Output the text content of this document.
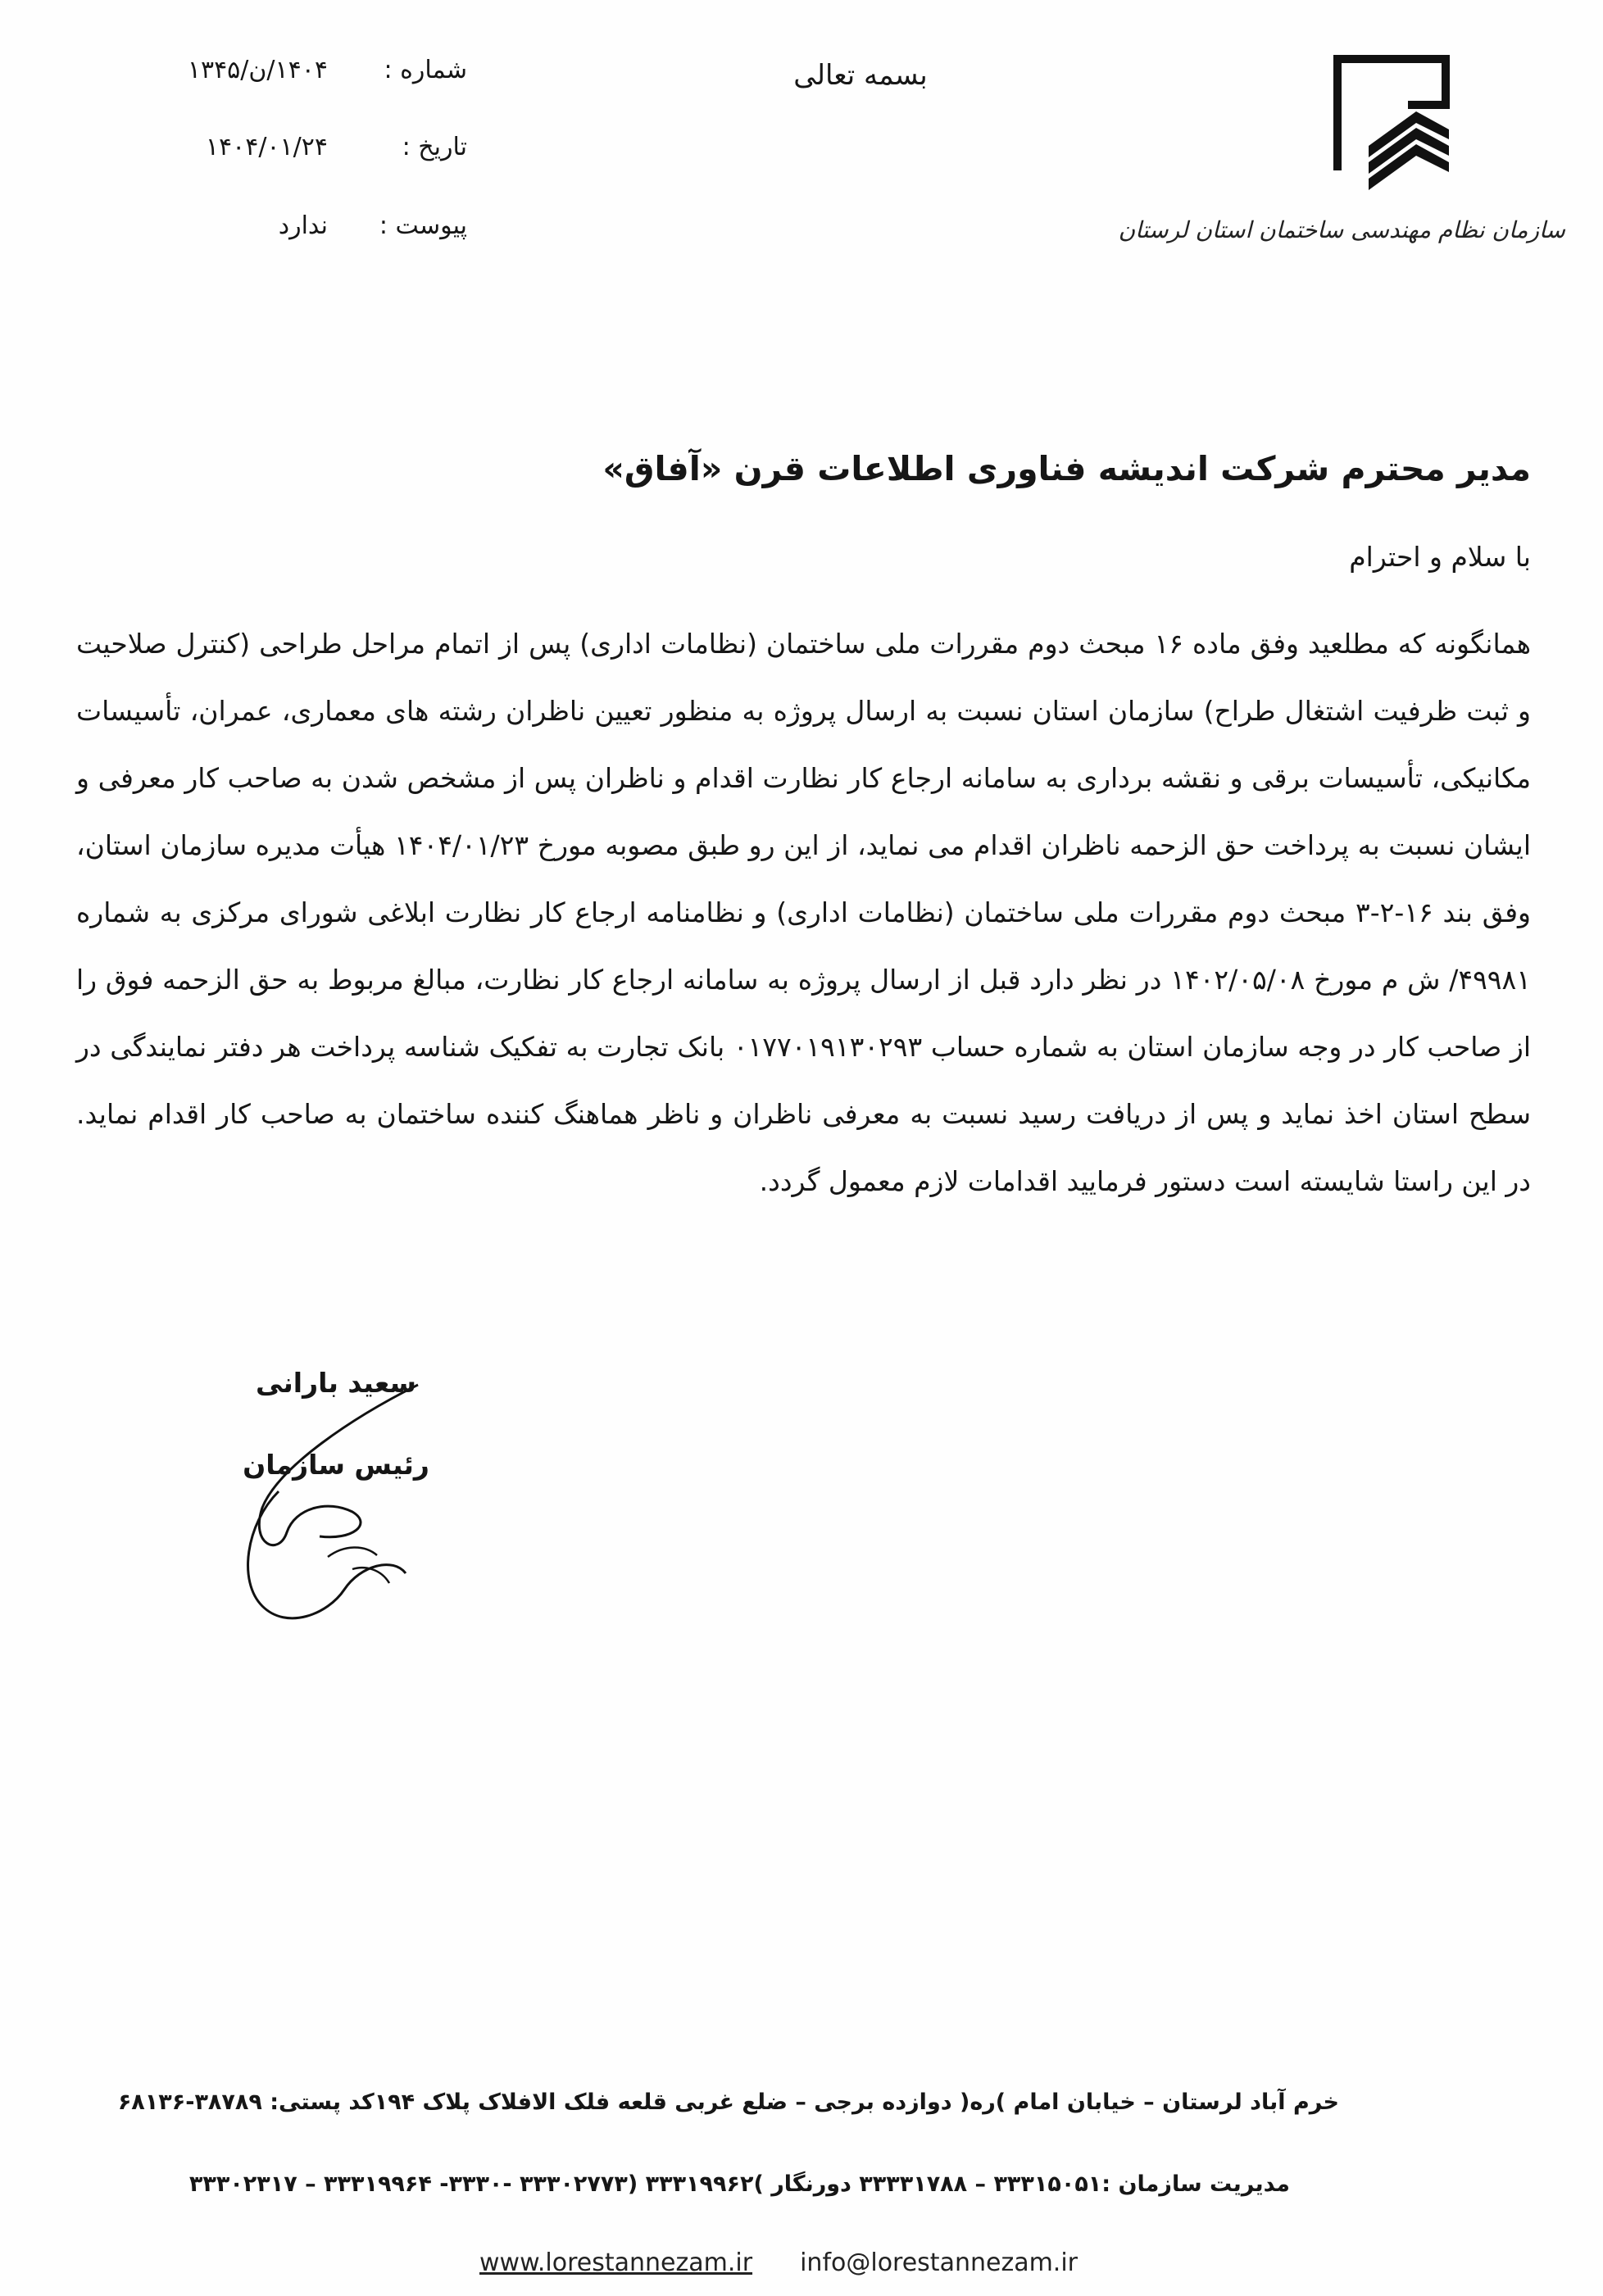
سازمان نظام مهندسی ساختمان استان لرستان
بسمه تعالی
شماره :
۱۴۰۴/ن/۱۳۴۵
تاریخ :
۱۴۰۴/۰۱/۲۴
پیوست :
ندارد
مدیر محترم شرکت اندیشه فناوری اطلاعات قرن «آفاق»
با سلام و احترام
همانگونه که مطلعید وفق ماده ۱۶ مبحث دوم مقررات ملی ساختمان (نظامات اداری) پس از اتمام مراحل طراحی (کنترل صلاحیت و ثبت ظرفیت اشتغال طراح) سازمان استان نسبت به ارسال پروژه به منظور تعیین ناظران رشته های معماری، عمران، تأسیسات مکانیکی، تأسیسات برقی و نقشه برداری به سامانه ارجاع کار نظارت اقدام و ناظران پس از مشخص شدن به صاحب کار معرفی و ایشان نسبت به پرداخت حق الزحمه ناظران اقدام می نماید، از این رو طبق مصوبه مورخ ۱۴۰۴/۰۱/۲۳ هیأت مدیره سازمان استان، وفق بند ۱۶-۲-۳ مبحث دوم مقررات ملی ساختمان (نظامات اداری) و نظامنامه ارجاع کار نظارت ابلاغی شورای مرکزی به شماره ۴۹۹۸۱/ ش م مورخ ۱۴۰۲/۰۵/۰۸ در نظر دارد قبل از ارسال پروژه به سامانه ارجاع کار نظارت، مبالغ مربوط به حق الزحمه فوق را از صاحب کار در وجه سازمان استان به شماره حساب ۰۱۷۷۰۱۹۱۳۰۲۹۳ بانک تجارت به تفکیک شناسه پرداخت هر دفتر نمایندگی در سطح استان اخذ نماید و پس از دریافت رسید نسبت به معرفی ناظران و ناظر هماهنگ کننده ساختمان به صاحب کار اقدام نماید. در این راستا شایسته است دستور فرمایید اقدامات لازم معمول گردد.
سعید بارانی
رئیس سازمان
خرم آباد لرستان – خیابان امام )ره( دوازده برجی – ضلع غربی قلعه فلک الافلاک پلاک ۱۹۴کد پستی: ۳۸۷۸۹-۶۸۱۳۶
مدیریت سازمان :۳۳۳۱۵۰۵۱ – ۳۳۳۳۱۷۸۸ دورنگار )۳۳۳۱۹۹۶۲ (۳۳۳۰۲۷۷۳ -۳۳۳۰- ۳۳۳۱۹۹۶۴ – ۳۳۳۰۲۳۱۷
www.lorestannezam.ir info@lorestannezam.ir
